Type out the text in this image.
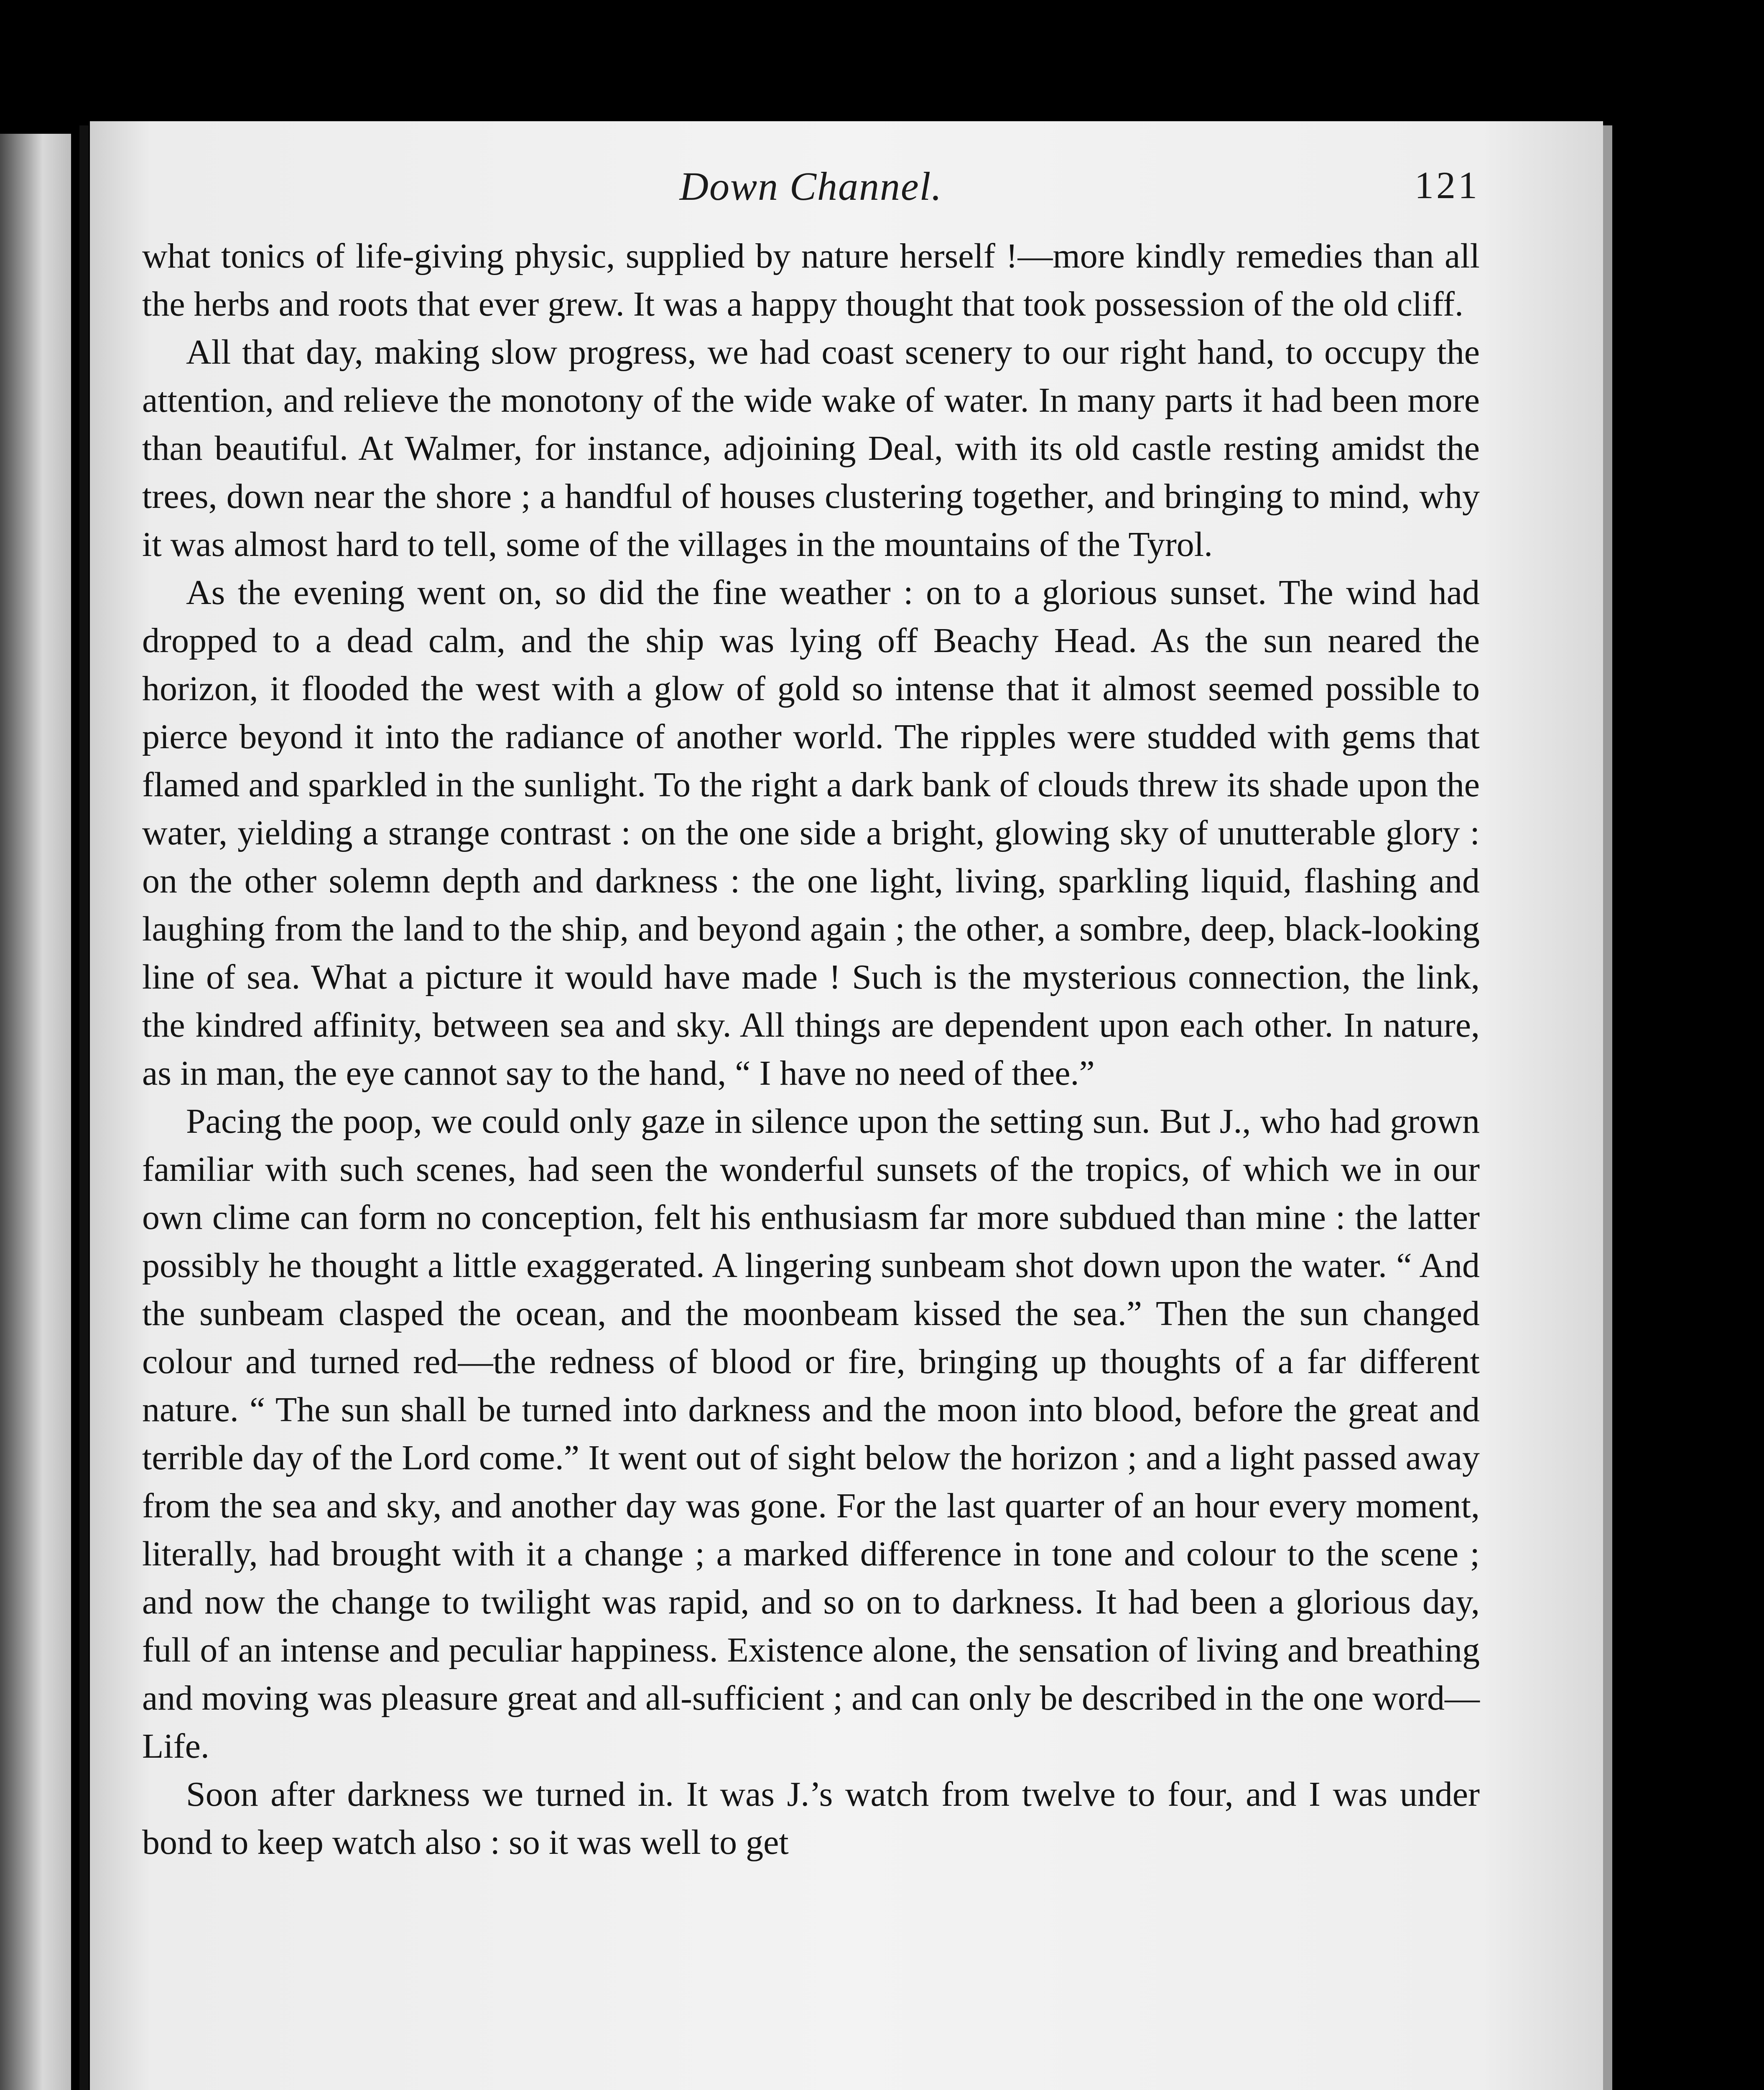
Down Channel.	121

what tonics of life-giving physic, supplied by nature herself !—more kindly remedies than all the herbs and roots that ever grew. It was a happy thought that took possession of the old cliff.

All that day, making slow progress, we had coast scenery to our right hand, to occupy the attention, and relieve the monotony of the wide wake of water. In many parts it had been more than beautiful. At Walmer, for instance, adjoining Deal, with its old castle resting amidst the trees, down near the shore ; a handful of houses clustering together, and bringing to mind, why it was almost hard to tell, some of the villages in the mountains of the Tyrol.

As the evening went on, so did the fine weather : on to a glorious sunset. The wind had dropped to a dead calm, and the ship was lying off Beachy Head. As the sun neared the horizon, it flooded the west with a glow of gold so intense that it almost seemed possible to pierce beyond it into the radiance of another world. The ripples were studded with gems that flamed and sparkled in the sunlight. To the right a dark bank of clouds threw its shade upon the water, yielding a strange contrast : on the one side a bright, glowing sky of unutterable glory : on the other solemn depth and darkness : the one light, living, sparkling liquid, flashing and laughing from the land to the ship, and beyond again ; the other, a sombre, deep, black-looking line of sea. What a picture it would have made ! Such is the mysterious connection, the link, the kindred affinity, between sea and sky. All things are dependent upon each other. In nature, as in man, the eye cannot say to the hand, “ I have no need of thee.”

Pacing the poop, we could only gaze in silence upon the setting sun. But J., who had grown familiar with such scenes, had seen the wonderful sunsets of the tropics, of which we in our own clime can form no conception, felt his enthusiasm far more subdued than mine : the latter possibly he thought a little exaggerated. A lingering sunbeam shot down upon the water. “ And the sunbeam clasped the ocean, and the moonbeam kissed the sea.” Then the sun changed colour and turned red—the redness of blood or fire, bringing up thoughts of a far different nature. “ The sun shall be turned into darkness and the moon into blood, before the great and terrible day of the Lord come.” It went out of sight below the horizon ; and a light passed away from the sea and sky, and another day was gone. For the last quarter of an hour every moment, literally, had brought with it a change ; a marked difference in tone and colour to the scene ; and now the change to twilight was rapid, and so on to darkness. It had been a glorious day, full of an intense and peculiar happiness. Existence alone, the sensation of living and breathing and moving was pleasure great and all-sufficient ; and can only be described in the one word—Life.

Soon after darkness we turned in. It was J.’s watch from twelve to four, and I was under bond to keep watch also : so it was well to get
